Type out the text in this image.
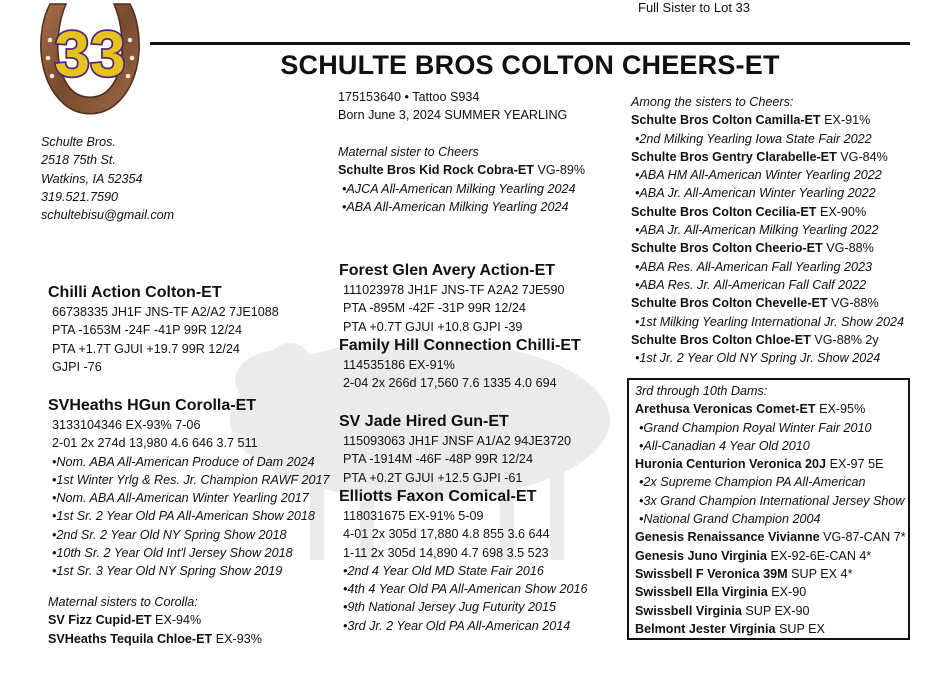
33
Full Sister to Lot 33
SCHULTE BROS COLTON CHEERS-ET
175153640 • Tattoo S934
Born June 3, 2024 SUMMER YEARLING
Schulte Bros.
2518 75th St.
Watkins, IA 52354
319.521.7590
schultebisu@gmail.com
Maternal sister to Cheers
Schulte Bros Kid Rock Cobra-ET VG-89%
•AJCA All-American Milking Yearling 2024
•ABA All-American Milking Yearling 2024
Chilli Action Colton-ET
66738335 JH1F JNS-TF A2/A2 7JE1088
PTA -1653M -24F -41P 99R 12/24
PTA +1.7T GJUI +19.7 99R 12/24
GJPI -76
SVHeaths HGun Corolla-ET
3133104346 EX-93% 7-06
2-01 2x 274d 13,980 4.6 646 3.7 511
•Nom. ABA All-American Produce of Dam 2024
•1st Winter Yrlg & Res. Jr. Champion RAWF 2017
•Nom. ABA All-American Winter Yearling 2017
•1st Sr. 2 Year Old PA All-American Show 2018
•2nd Sr. 2 Year Old NY Spring Show 2018
•10th Sr. 2 Year Old Int'l Jersey Show 2018
•1st Sr. 3 Year Old NY Spring Show 2019
Maternal sisters to Corolla:
SV Fizz Cupid-ET EX-94%
SVHeaths Tequila Chloe-ET EX-93%
Forest Glen Avery Action-ET
111023978 JH1F JNS-TF A2A2 7JE590
PTA -895M -42F -31P 99R 12/24
PTA +0.7T GJUI +10.8 GJPI -39
Family Hill Connection Chilli-ET
114535186 EX-91%
2-04 2x 266d 17,560 7.6 1335 4.0 694
SV Jade Hired Gun-ET
115093063 JH1F JNSF A1/A2 94JE3720
PTA -1914M -46F -48P 99R 12/24
PTA +0.2T GJUI +12.5 GJPI -61
Elliotts Faxon Comical-ET
118031675 EX-91% 5-09
4-01 2x 305d 17,880 4.8 855 3.6 644
1-11 2x 305d 14,890 4.7 698 3.5 523
•2nd 4 Year Old MD State Fair 2016
•4th 4 Year Old PA All-American Show 2016
•9th National Jersey Jug Futurity 2015
•3rd Jr. 2 Year Old PA All-American 2014
Among the sisters to Cheers:
Schulte Bros Colton Camilla-ET EX-91%
•2nd Milking Yearling Iowa State Fair 2022
Schulte Bros Gentry Clarabelle-ET VG-84%
•ABA HM All-American Winter Yearling 2022
•ABA Jr. All-American Winter Yearling 2022
Schulte Bros Colton Cecilia-ET EX-90%
•ABA Jr. All-American Milking Yearling 2022
Schulte Bros Colton Cheerio-ET VG-88%
•ABA Res. All-American Fall Yearling 2023
•ABA Res. Jr. All-American Fall Calf 2022
Schulte Bros Colton Chevelle-ET VG-88%
•1st Milking Yearling International Jr. Show 2024
Schulte Bros Colton Chloe-ET VG-88% 2y
•1st Jr. 2 Year Old NY Spring Jr. Show 2024
3rd through 10th Dams:
Arethusa Veronicas Comet-ET EX-95%
•Grand Champion Royal Winter Fair 2010
•All-Canadian 4 Year Old 2010
Huronia Centurion Veronica 20J EX-97 5E
•2x Supreme Champion PA All-American
•3x Grand Champion International Jersey Show
•National Grand Champion 2004
Genesis Renaissance Vivianne VG-87-CAN 7*
Genesis Juno Virginia EX-92-6E-CAN 4*
Swissbell F Veronica 39M SUP EX 4*
Swissbell Ella Virginia EX-90
Swissbell Virginia SUP EX-90
Belmont Jester Virginia SUP EX
